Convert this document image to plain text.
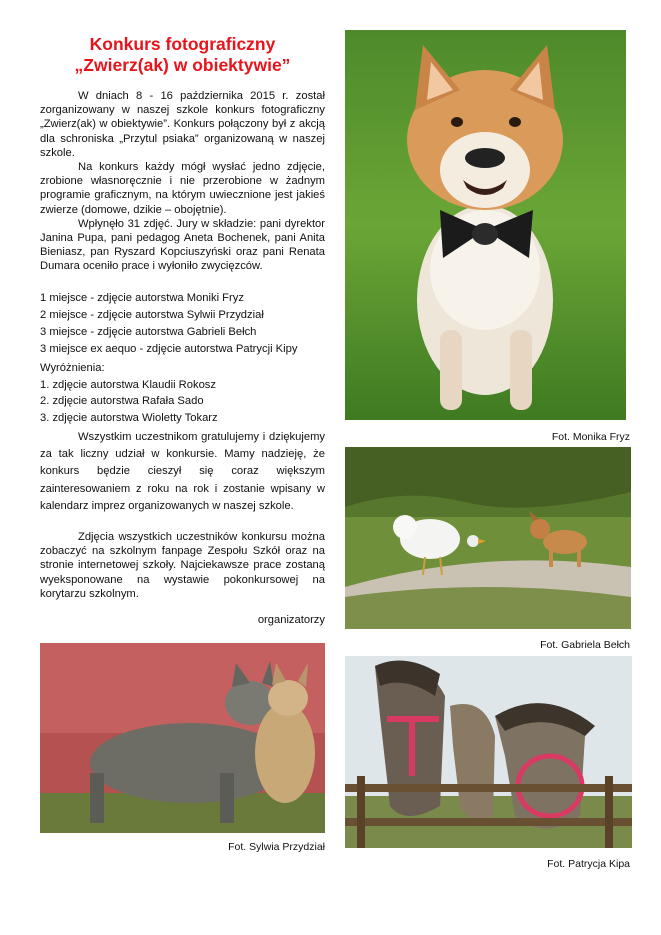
Konkurs fotograficzny
„Zwierz(ak) w obiektywie”

W dniach 8 - 16 października 2015 r. został zorganizowany w naszej szkole konkurs fotograficzny „Zwierz(ak) w obiektywie”. Konkurs połączony był z akcją dla schroniska „Przytul psiaka” organizowaną w naszej szkole.

Na konkurs każdy mógł wysłać jedno zdjęcie, zrobione własnoręcznie i nie przerobione w żadnym programie graficznym, na którym uwiecznione jest jakieś zwierze (domowe, dzikie – obojętnie).

Wpłynęło 31 zdjęć. Jury w składzie: pani dyrektor Janina Pupa, pani pedagog Aneta Bochenek, pani Anita Bieniasz, pan Ryszard Kopciuszyński oraz pani Renata Dumara oceniło prace i wyłoniło zwycięzców.

1 miejsce - zdjęcie autorstwa Moniki Fryz

2 miejsce - zdjęcie autorstwa Sylwii Przydział

3 miejsce - zdjęcie autorstwa Gabrieli Bełch

3 miejsce ex aequo - zdjęcie autorstwa Patrycji Kipy

Wyróżnienia:

1. zdjęcie autorstwa Klaudii Rokosz

2. zdjęcie autorstwa Rafała Sado

3. zdjęcie autorstwa Wioletty Tokarz

Wszystkim uczestnikom gratulujemy i dziękujemy za tak liczny udział w konkursie. Mamy nadzieję, że konkurs będzie cieszył się coraz większym zainteresowaniem z roku na rok i zostanie wpisany w kalendarz imprez organizowanych w naszej szkole.

Zdjęcia wszystkich uczestników konkursu można zobaczyć na szkolnym fanpage Zespołu Szkół oraz na stronie internetowej szkoły. Najciekawsze prace zostaną wyeksponowane na wystawie pokonkursowej na korytarzu szkolnym.

organizatorzy
Fot. Monika Fryz
Fot. Gabriela Bełch
Fot. Sylwia Przydział
Fot. Patrycja Kipa
